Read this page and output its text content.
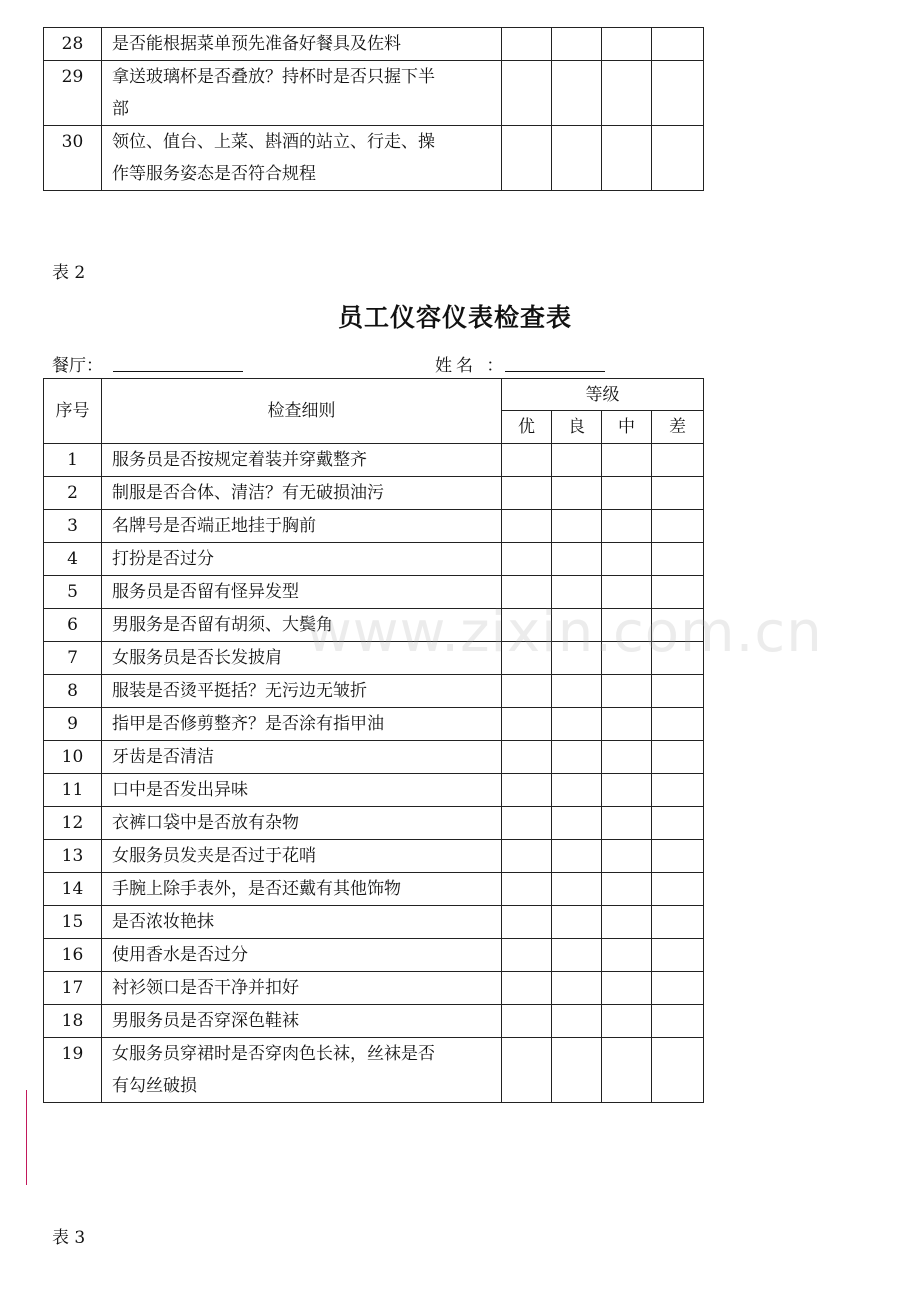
28	是否能根据菜单预先准备好餐具及佐料				

29	拿送玻璃杯是否叠放？持杯时是否只握下半
部				

30	领位、值台、上菜、斟酒的站立、行走、操
作等服务姿态是否符合规程				

表 2
员工仪容仪表检查表
餐厅：	姓名 ：
序号	检查细则	等级			
		优	良	中	差
1	服务员是否按规定着装并穿戴整齐				

2	制服是否合体、清洁？有无破损油污				

3	名牌号是否端正地挂于胸前				

4	打扮是否过分				

5	服务员是否留有怪异发型				

6	男服务是否留有胡须、大鬓角				

7	女服务员是否长发披肩				

8	服装是否烫平挺括？无污边无皱折				

9	指甲是否修剪整齐？是否涂有指甲油				

10	牙齿是否清洁				

11	口中是否发出异味				

12	衣裤口袋中是否放有杂物				

13	女服务员发夹是否过于花哨				

14	手腕上除手表外，是否还戴有其他饰物				

15	是否浓妆艳抹				

16	使用香水是否过分				

17	衬衫领口是否干净并扣好				

18	男服务员是否穿深色鞋袜				

19	女服务员穿裙时是否穿肉色长袜，丝袜是否
有勾丝破损				

www.zixin.com.cn
表 3
